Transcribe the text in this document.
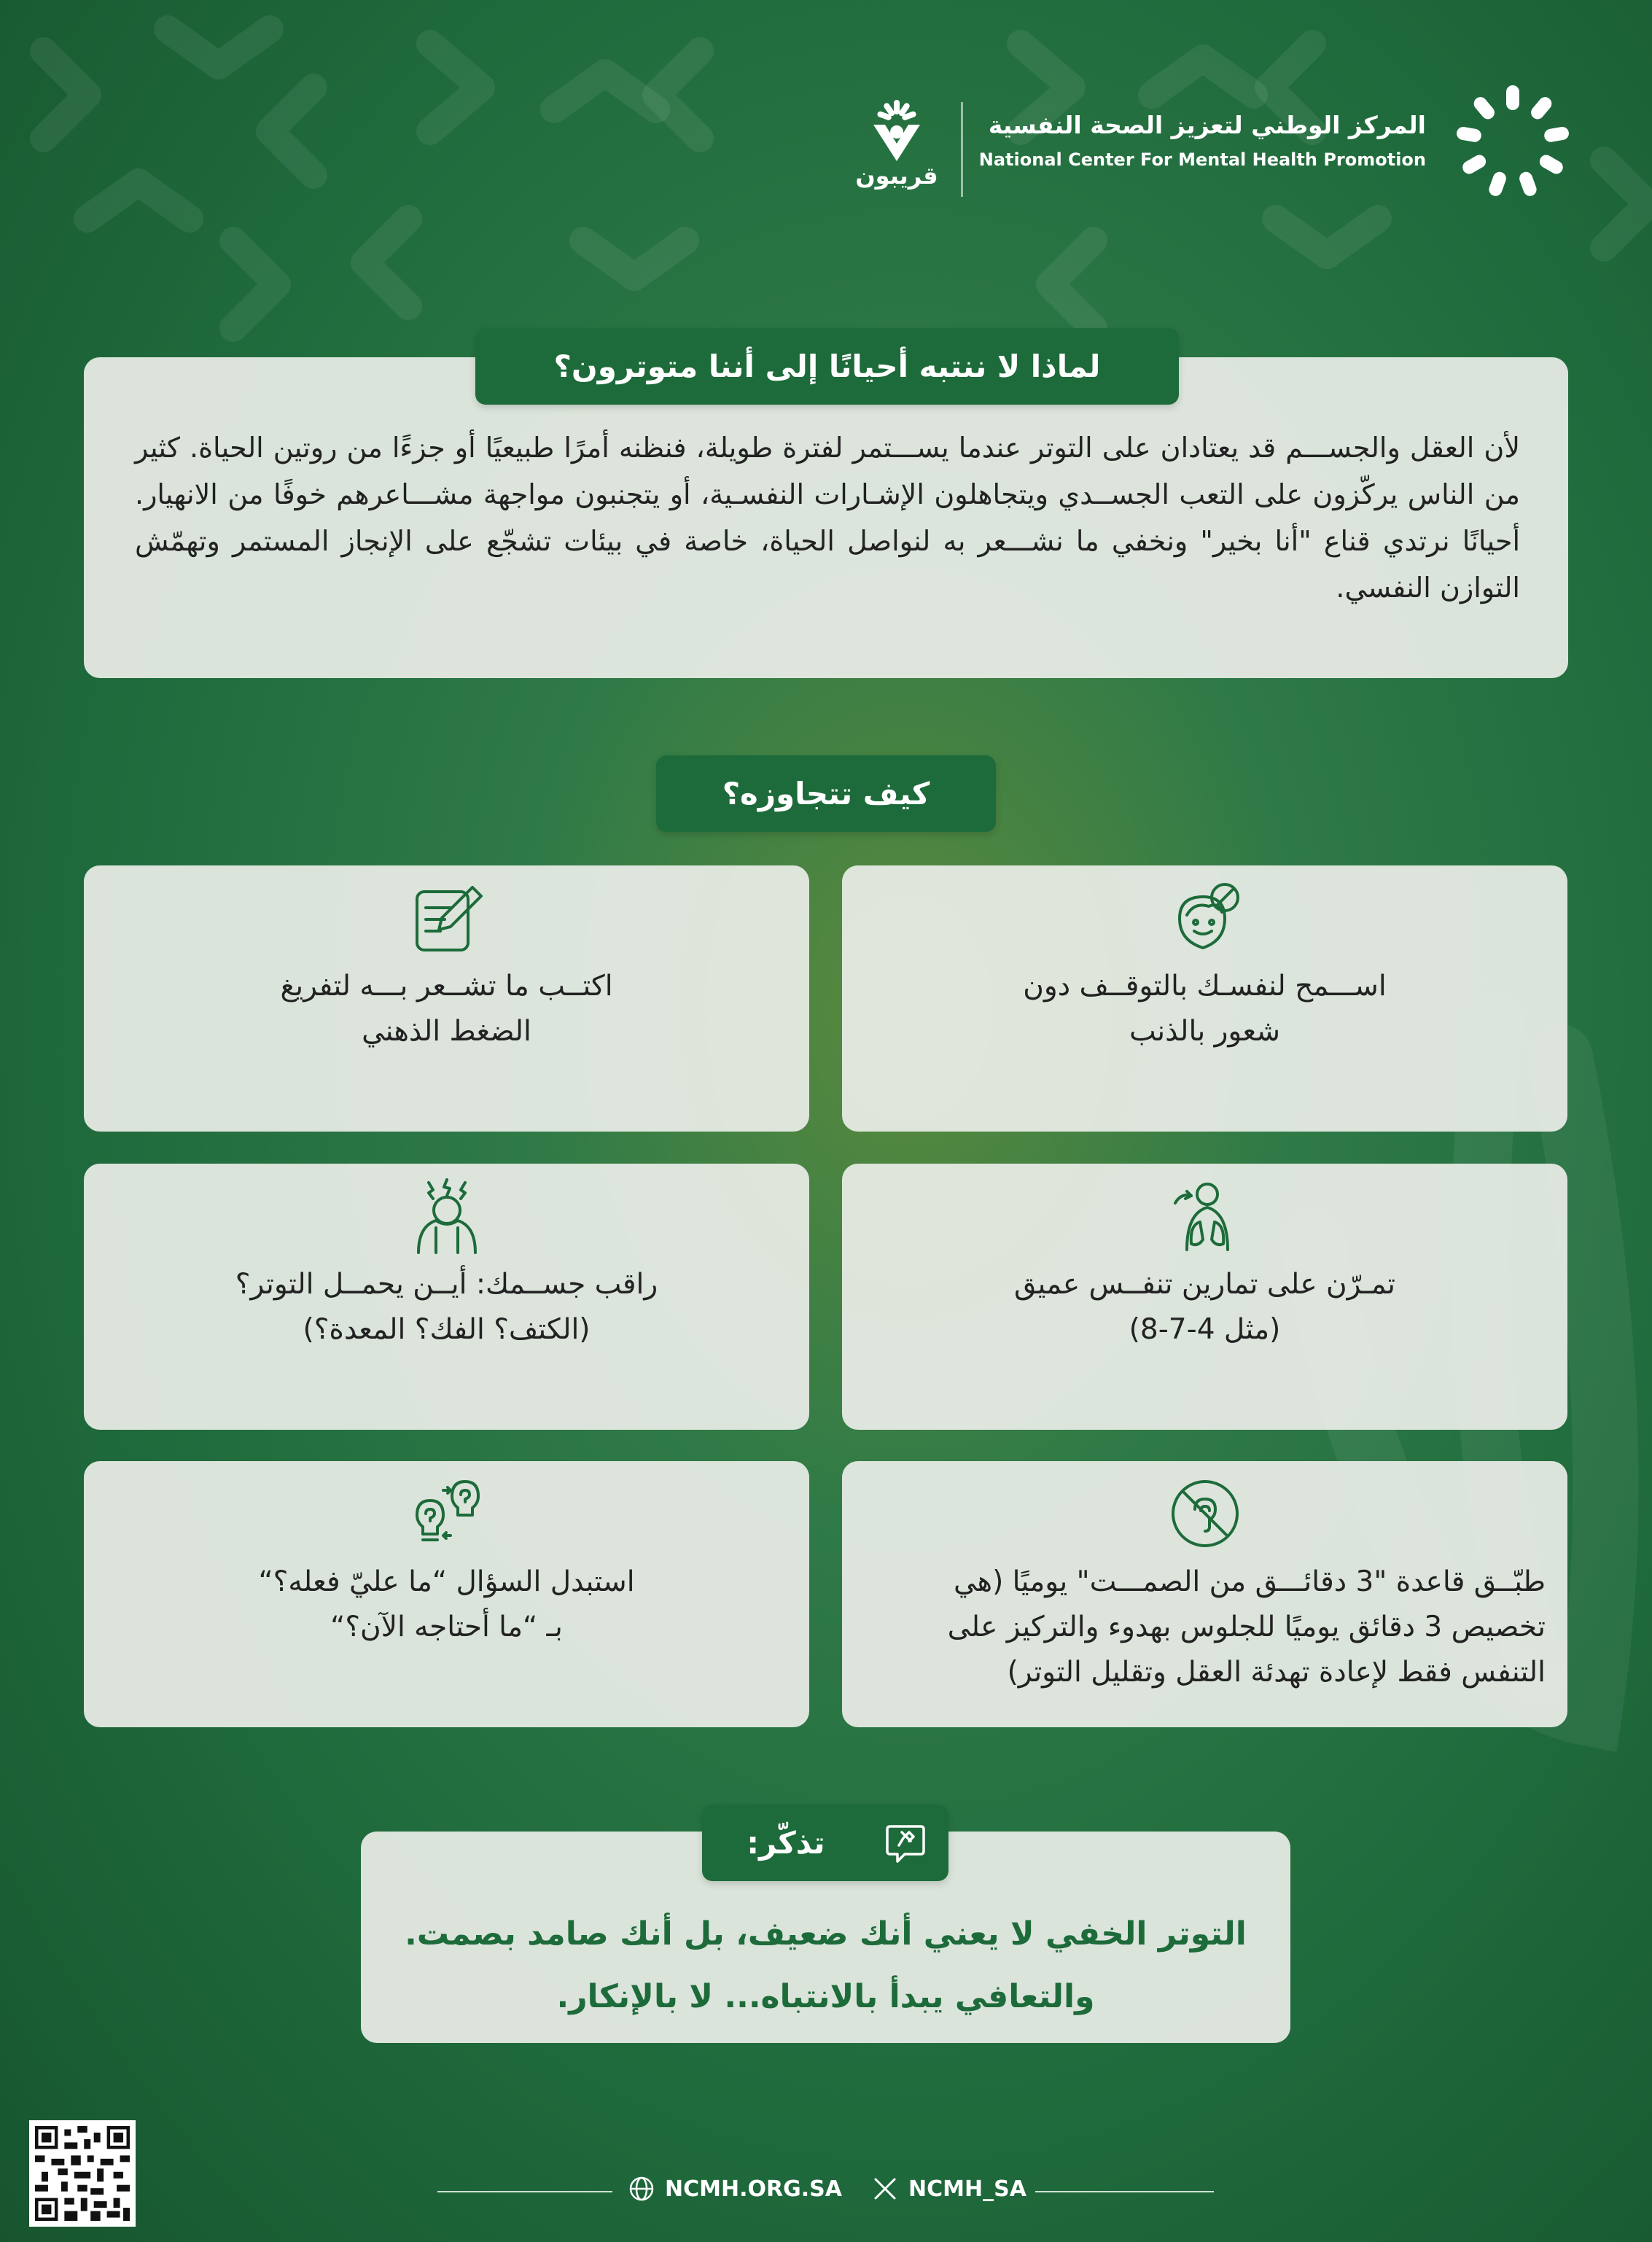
المركز الوطني لتعزيز الصحة النفسية
National Center For Mental Health Promotion
قريبون
لماذا لا ننتبه أحيانًا إلى أننا متوترون؟
لأن العقل والجســـم قد يعتادان على التوتر عندما يســـتمر لفترة طويلة، فنظنه أمرًا طبيعيًا أو جزءًا من روتين الحياة. كثير من الناس يركّزون على التعب الجســدي ويتجاهلون الإشـارات النفسـية، أو يتجنبون مواجهة مشـــاعرهم خوفًا من الانهيار. أحيانًا نرتدي قناع "أنا بخير" ونخفي ما نشـــعر به لنواصل الحياة، خاصة في بيئات تشجّع على الإنجاز المستمر وتهمّش التوازن النفسي.
كيف تتجاوزه؟
اســـمح لنفسـك بالتوقــف دون
شعور بالذنب
اكتــب ما تشــعر بـــه لتفريغ
الضغط الذهني
تمـرّن على تمارين تنفــس عميق
(مثل 4-7-8)
راقب جســمك: أيــن يحمــل التوتر؟
(الكتف؟ الفك؟ المعدة؟)
طبّــق قاعدة "3 دقائـــق من الصمـــت" يوميًا (هي
تخصيص 3 دقائق يوميًا للجلوس بهدوء والتركيز على
التنفس فقط لإعادة تهدئة العقل وتقليل التوتر)
استبدل السؤال “ما عليّ فعله؟“
بـ “ما أحتاجه الآن؟“
تذكّر:
التوتر الخفي لا يعني أنك ضعيف، بل أنك صامد بصمت.
والتعافي يبدأ بالانتباه... لا بالإنكار.
NCMH.ORG.SA	NCMH_SA
